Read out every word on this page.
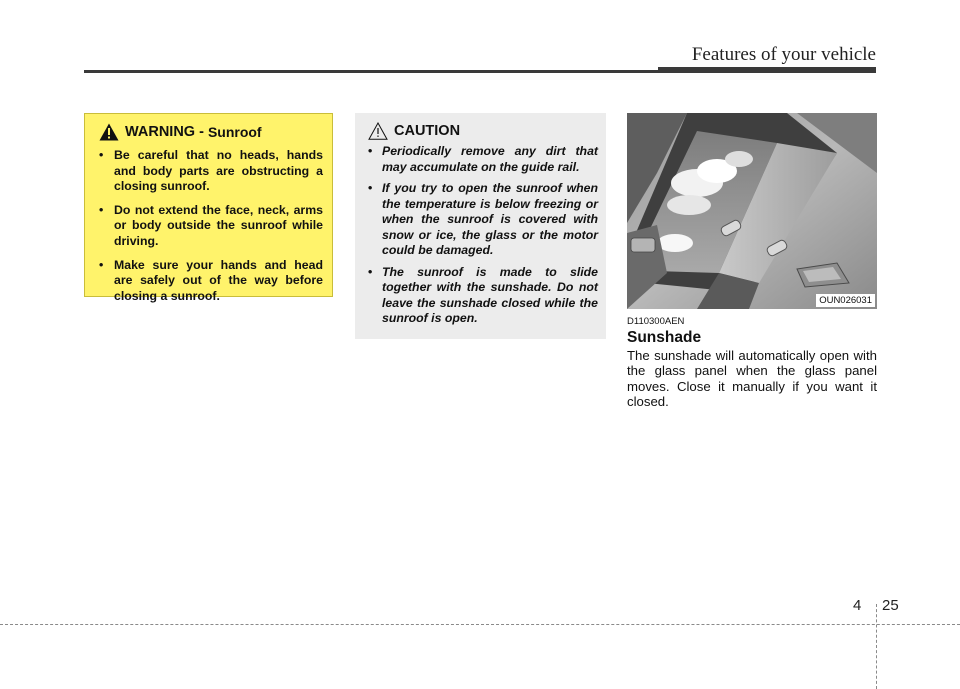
Features of your vehicle
WARNING - Sunroof
• Be careful that no heads, hands and body parts are obstructing a closing sunroof.
• Do not extend the face, neck, arms or body outside the sunroof while driving.
• Make sure your hands and head are safely out of the way before closing a sunroof.
CAUTION
• Periodically remove any dirt that may accumulate on the guide rail.
• If you try to open the sunroof when the temperature is below freezing or when the sunroof is covered with snow or ice, the glass or the motor could be damaged.
• The sunroof is made to slide together with the sunshade. Do not leave the sunshade closed while the sunroof is open.
OUN026031
D110300AEN
Sunshade
The sunshade will automatically open with the glass panel when the glass panel moves. Close it manually if you want it closed.
4 25
